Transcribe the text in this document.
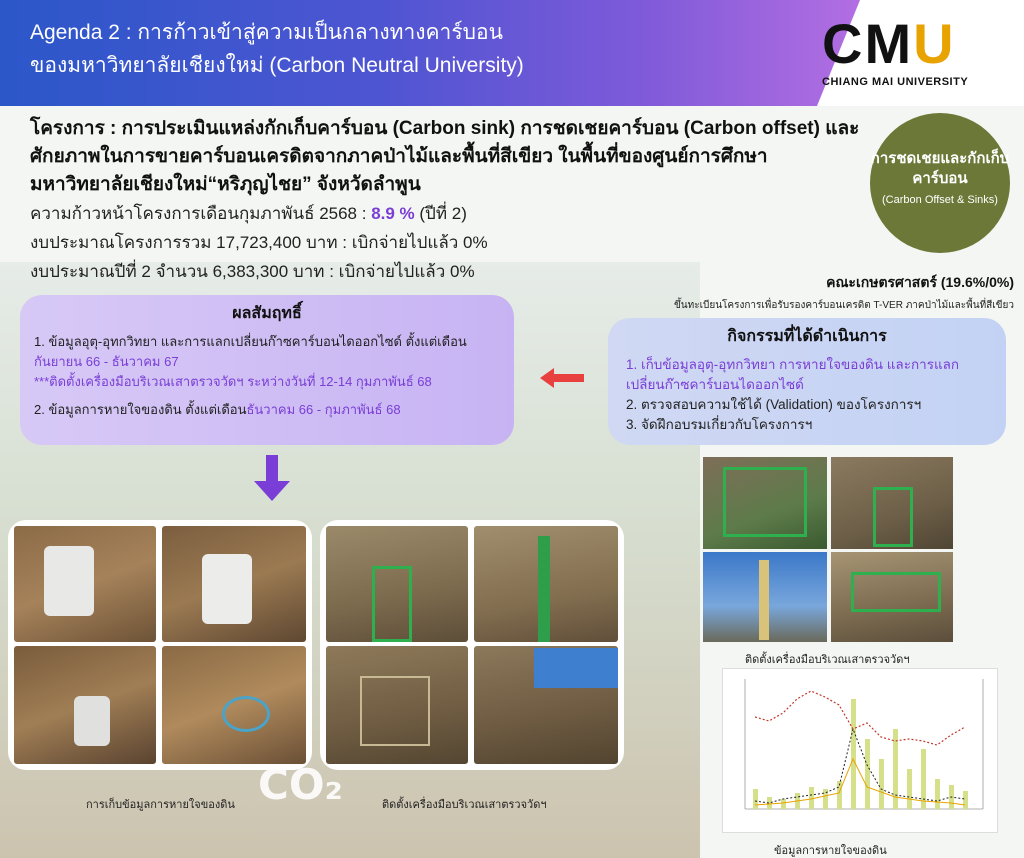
Agenda 2 : การก้าวเข้าสู่ความเป็นกลางทางคาร์บอน
ของมหาวิทยาลัยเชียงใหม่ (Carbon Neutral University)	CMU
CHIANG MAI UNIVERSITY
โครงการ : การประเมินแหล่งกักเก็บคาร์บอน (Carbon sink) การชดเชยคาร์บอน (Carbon offset) และศักยภาพในการขายคาร์บอนเครดิตจากภาคป่าไม้และพื้นที่สีเขียว ในพื้นที่ของศูนย์การศึกษามหาวิทยาลัยเชียงใหม่“หริภุญไชย” จังหวัดลำพูน
ความก้าวหน้าโครงการเดือนกุมภาพันธ์ 2568 : 8.9 % (ปีที่ 2)
งบประมาณโครงการรวม 17,723,400 บาท : เบิกจ่ายไปแล้ว 0%
งบประมาณปีที่ 2 จำนวน 6,383,300 บาท : เบิกจ่ายไปแล้ว 0%
การชดเชยและกักเก็บคาร์บอน
(Carbon Offset & Sinks)
คณะเกษตรศาสตร์ (19.6%/0%)
ขึ้นทะเบียนโครงการเพื่อรับรองคาร์บอนเครดิต T-VER ภาคป่าไม้และพื้นที่สีเขียว
ผลสัมฤทธิ์
1. ข้อมูลอุตุ-อุทกวิทยา และการแลกเปลี่ยนก๊าซคาร์บอนไดออกไซด์ ตั้งแต่เดือนกันยายน 66 - ธันวาคม 67
***ติดตั้งเครื่องมือบริเวณเสาตรวจวัดฯ ระหว่างวันที่ 12-14 กุมภาพันธ์ 68
2. ข้อมูลการหายใจของดิน ตั้งแต่เดือนธันวาคม 66 - กุมภาพันธ์ 68
กิจกรรมที่ได้ดำเนินการ
1. เก็บข้อมูลอุตุ-อุทกวิทยา การหายใจของดิน และการแลกเปลี่ยนก๊าซคาร์บอนไดออกไซด์
2. ตรวจสอบความใช้ได้ (Validation) ของโครงการฯ
3. จัดฝึกอบรมเกี่ยวกับโครงการฯ
การเก็บข้อมูลการหายใจของดิน	ติดตั้งเครื่องมือบริเวณเสาตรวจวัดฯ
CO₂
ติดตั้งเครื่องมือบริเวณเสาตรวจวัดฯ
ข้อมูลการหายใจของดิน
